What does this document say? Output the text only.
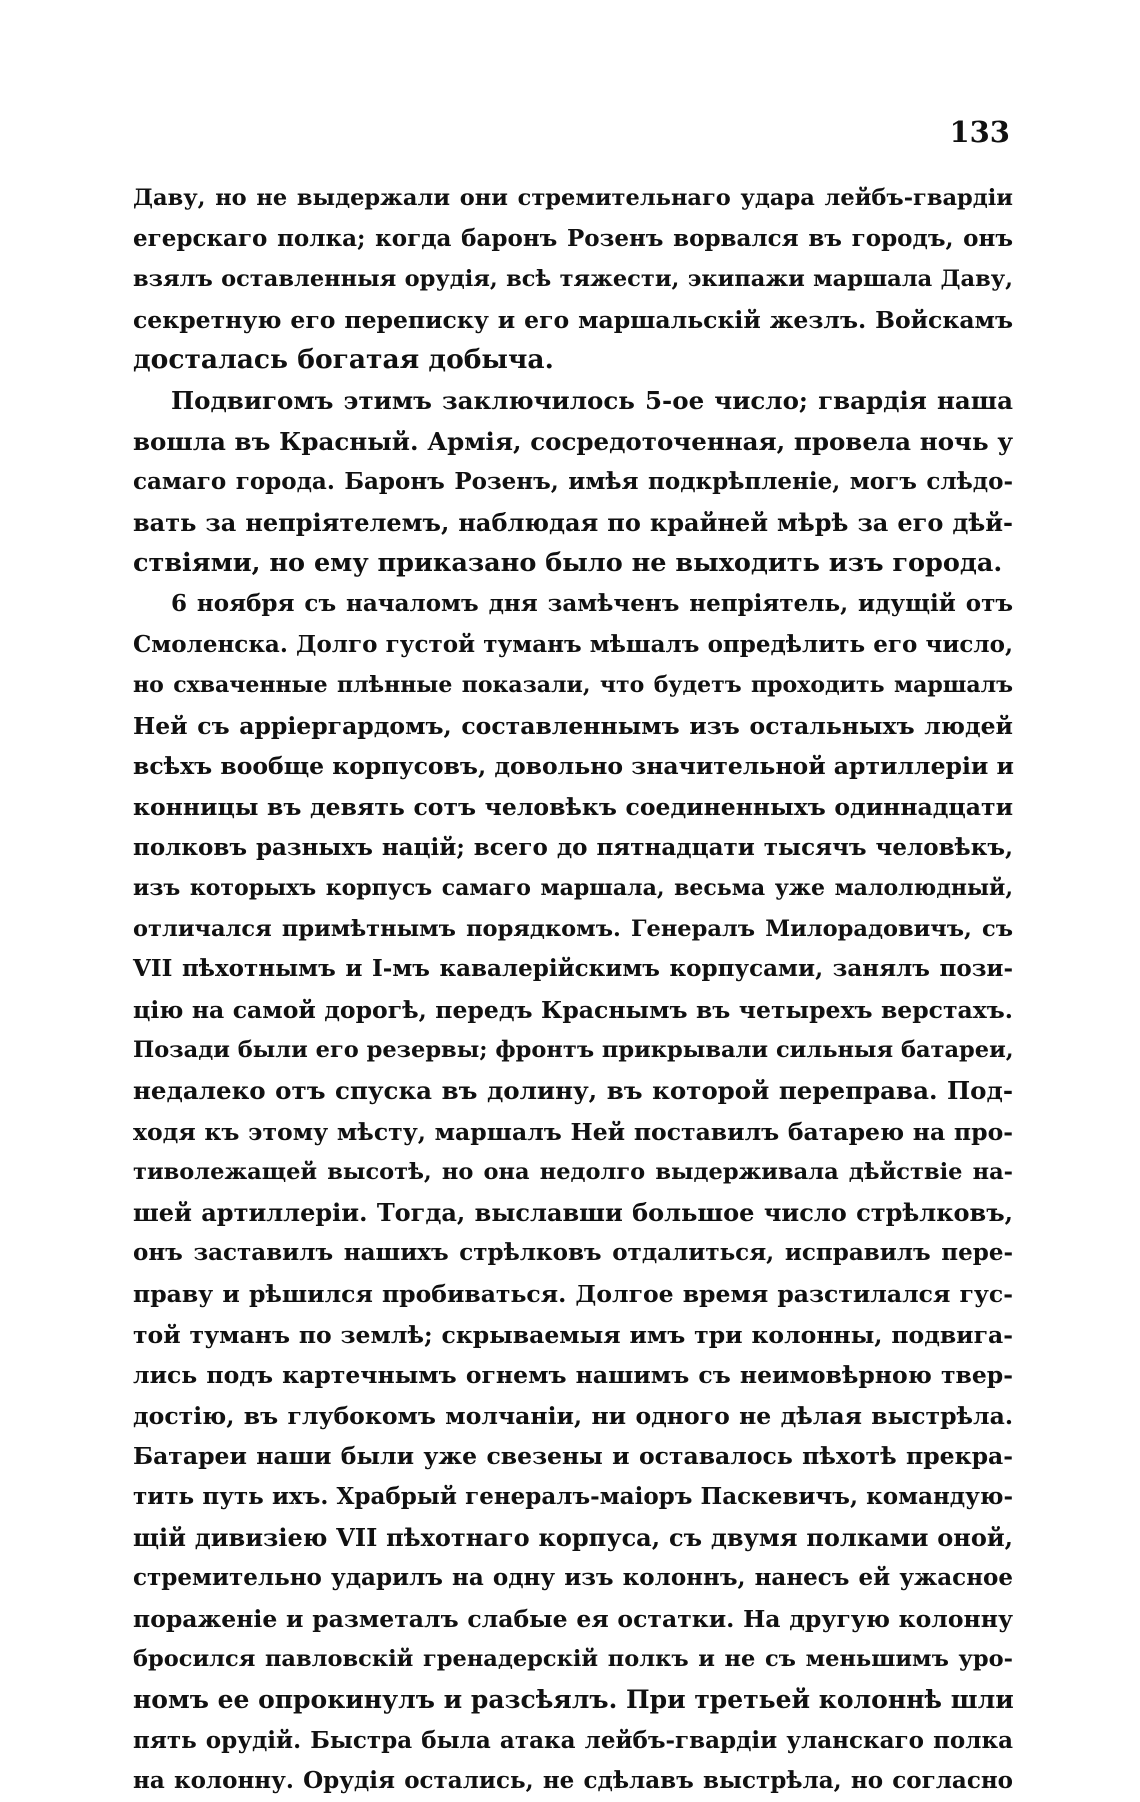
133
Даву, но не выдержали они стремительнаго удара лейбъ-гвардіи
егерскаго полка; когда баронъ Розенъ ворвался въ городъ, онъ
взялъ оставленныя орудія, всѣ тяжести, экипажи маршала Даву,
секретную его переписку и его маршальскій жезлъ. Войскамъ
досталась богатая добыча.
Подвигомъ этимъ заключилось 5-ое число; гвардія наша
вошла въ Красный. Армія, сосредоточенная, провела ночь у
самаго города. Баронъ Розенъ, имѣя подкрѣпленіе, могъ слѣдо-
вать за непріятелемъ, наблюдая по крайней мѣрѣ за его дѣй-
ствіями, но ему приказано было не выходить изъ города.
6 ноября съ началомъ дня замѣченъ непріятель, идущій отъ
Смоленска. Долго густой туманъ мѣшалъ опредѣлить его число,
но схваченные плѣнные показали, что будетъ проходить маршалъ
Ней съ арріергардомъ, составленнымъ изъ остальныхъ людей
всѣхъ вообще корпусовъ, довольно значительной артиллеріи и
конницы въ девять сотъ человѣкъ соединенныхъ одиннадцати
полковъ разныхъ націй; всего до пятнадцати тысячъ человѣкъ,
изъ которыхъ корпусъ самаго маршала, весьма уже малолюдный,
отличался примѣтнымъ порядкомъ. Генералъ Милорадовичъ, съ
VII пѣхотнымъ и I-мъ кавалерійскимъ корпусами, занялъ пози-
цію на самой дорогѣ, передъ Краснымъ въ четырехъ верстахъ.
Позади были его резервы; фронтъ прикрывали сильныя батареи,
недалеко отъ спуска въ долину, въ которой переправа. Под-
ходя къ этому мѣсту, маршалъ Ней поставилъ батарею на про-
тиволежащей высотѣ, но она недолго выдерживала дѣйствіе на-
шей артиллеріи. Тогда, выславши большое число стрѣлковъ,
онъ заставилъ нашихъ стрѣлковъ отдалиться, исправилъ пере-
праву и рѣшился пробиваться. Долгое время разстилался гус-
той туманъ по землѣ; скрываемыя имъ три колонны, подвига-
лись подъ картечнымъ огнемъ нашимъ съ неимовѣрною твер-
достію, въ глубокомъ молчаніи, ни одного не дѣлая выстрѣла.
Батареи наши были уже свезены и оставалось пѣхотѣ прекра-
тить путь ихъ. Храбрый генералъ-маіоръ Паскевичъ, командую-
щій дивизіею VII пѣхотнаго корпуса, съ двумя полками оной,
стремительно ударилъ на одну изъ колоннъ, нанесъ ей ужасное
пораженіе и разметалъ слабые ея остатки. На другую колонну
бросился павловскій гренадерскій полкъ и не съ меньшимъ уро-
номъ ее опрокинулъ и разсѣялъ. При третьей колоннѣ шли
пять орудій. Быстра была атака лейбъ-гвардіи уланскаго полка
на колонну. Орудія остались, не сдѣлавъ выстрѣла, но согласно
